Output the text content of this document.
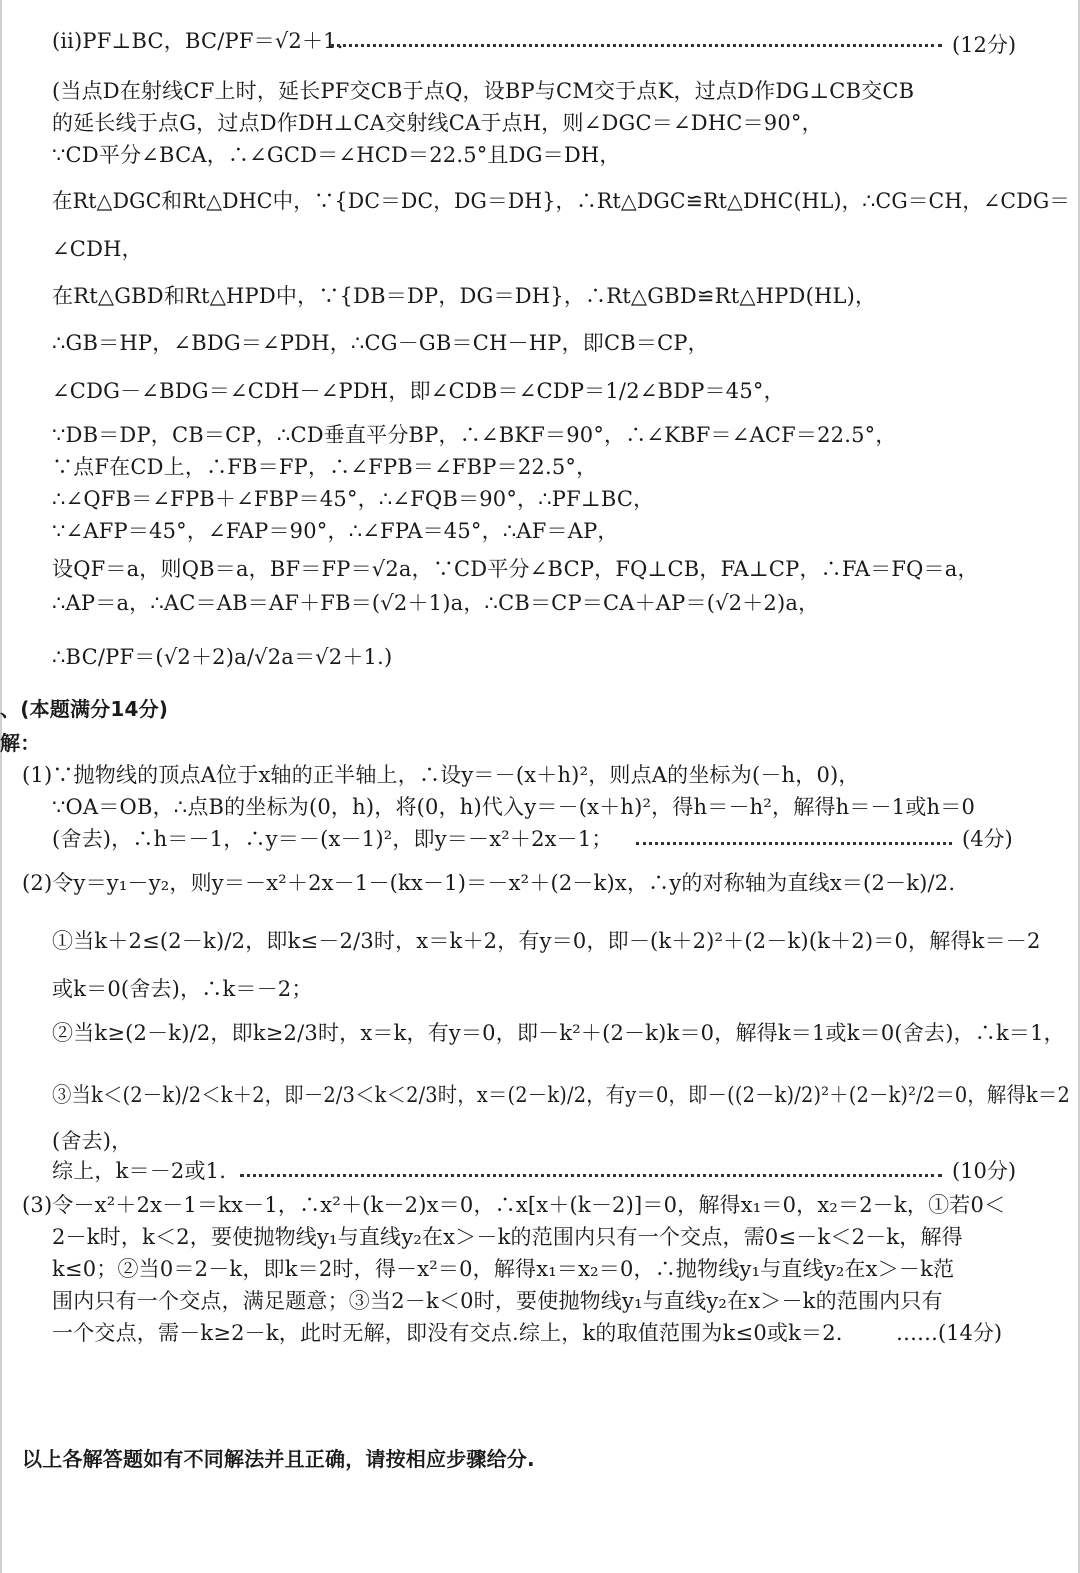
(ⅱ)PF⊥BC，BC/PF＝√2＋1.	(12分)
(当点D在射线CF上时，延长PF交CB于点Q，设BP与CM交于点K，过点D作DG⊥CB交CB
的延长线于点G，过点D作DH⊥CA交射线CA于点H，则∠DGC＝∠DHC＝90°，
∵CD平分∠BCA，∴∠GCD＝∠HCD＝22.5°且DG＝DH，
在Rt△DGC和Rt△DHC中，∵{DC＝DC，DG＝DH}，∴Rt△DGC≌Rt△DHC(HL)，∴CG＝CH，∠CDG＝
∠CDH，
在Rt△GBD和Rt△HPD中，∵{DB＝DP，DG＝DH}，∴Rt△GBD≌Rt△HPD(HL)，
∴GB＝HP，∠BDG＝∠PDH，∴CG－GB＝CH－HP，即CB＝CP，
∠CDG－∠BDG＝∠CDH－∠PDH，即∠CDB＝∠CDP＝1/2∠BDP＝45°，
∵DB＝DP，CB＝CP，∴CD垂直平分BP，∴∠BKF＝90°，∴∠KBF＝∠ACF＝22.5°，
∵点F在CD上，∴FB＝FP，∴∠FPB＝∠FBP＝22.5°，
∴∠QFB＝∠FPB＋∠FBP＝45°，∴∠FQB＝90°，∴PF⊥BC，
∵∠AFP＝45°，∠FAP＝90°，∴∠FPA＝45°，∴AF＝AP，
设QF＝a，则QB＝a，BF＝FP＝√2a，∵CD平分∠BCP，FQ⊥CB，FA⊥CP，∴FA＝FQ＝a，
∴AP＝a，∴AC＝AB＝AF＋FB＝(√2＋1)a，∴CB＝CP＝CA＋AP＝(√2＋2)a，
∴BC/PF＝(√2＋2)a/√2a＝√2＋1.)
、(本题满分14分)
解：
(1)∵抛物线的顶点A位于x轴的正半轴上，∴设y＝－(x＋h)²，则点A的坐标为(－h，0)，
∵OA＝OB，∴点B的坐标为(0，h)，将(0，h)代入y＝－(x＋h)²，得h＝－h²，解得h＝－1或h＝0
(舍去)，∴h＝－1，∴y＝－(x－1)²，即y＝－x²＋2x－1；	(4分)
(2)令y＝y₁－y₂，则y＝－x²＋2x－1－(kx－1)＝－x²＋(2－k)x，∴y的对称轴为直线x＝(2－k)/2.
①当k＋2≤(2－k)/2，即k≤－2/3时，x＝k＋2，有y＝0，即－(k＋2)²＋(2－k)(k＋2)＝0，解得k＝－2
或k＝0(舍去)，∴k＝－2；
②当k≥(2－k)/2，即k≥2/3时，x＝k，有y＝0，即－k²＋(2－k)k＝0，解得k＝1或k＝0(舍去)，∴k＝1，
③当k＜(2－k)/2＜k＋2，即－2/3＜k＜2/3时，x＝(2－k)/2，有y＝0，即－((2－k)/2)²＋(2－k)²/2＝0，解得k＝2
(舍去)，
综上，k＝－2或1.	(10分)
(3)令－x²＋2x－1＝kx－1，∴x²＋(k－2)x＝0，∴x[x＋(k－2)]＝0，解得x₁＝0，x₂＝2－k，①若0＜
2－k时，k＜2，要使抛物线y₁与直线y₂在x＞－k的范围内只有一个交点，需0≤－k＜2－k，解得
k≤0；②当0＝2－k，即k＝2时，得－x²＝0，解得x₁＝x₂＝0，∴抛物线y₁与直线y₂在x＞－k范
围内只有一个交点，满足题意；③当2－k＜0时，要使抛物线y₁与直线y₂在x＞－k的范围内只有
一个交点，需－k≥2－k，此时无解，即没有交点.综上，k的取值范围为k≤0或k＝2.	……(14分)
以上各解答题如有不同解法并且正确，请按相应步骤给分.
